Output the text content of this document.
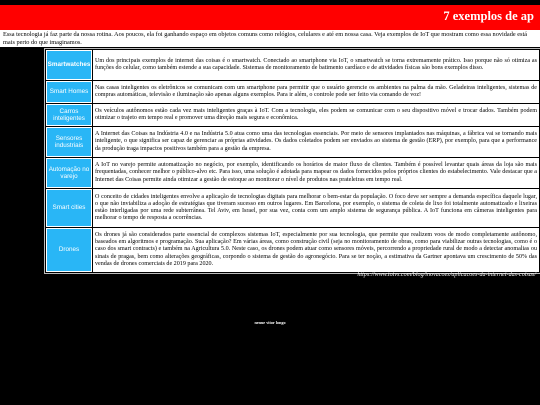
7 exemplos de ap
Essa tecnologia já faz parte da nossa rotina. Aos poucos, ela foi ganhando espaço em objetos comuns como relógios, celulares e até em nossa casa. Veja exemplos de IoT que mostram como essa novidade está mais perto do que imaginamos.
Smartwatches	Um dos principais exemplos de internet das coisas é o smartwatch. Conectado ao smartphone via IoT, o smartwatch se torna extremamente prático. Isso porque não só otimiza as funções do celular, como também estende a sua capacidade. Sistemas de monitoramento de batimento cardíaco e de atividades físicas são bons exemplos disso.
Smart Homes	Nas casas inteligentes os eletrônicos se comunicam com um smartphone para permitir que o usuário gerencie os ambientes na palma da mão. Geladeiras inteligentes, sistemas de compras automáticas, televisão e iluminação são apenas alguns exemplos. Para ir além, o controle pode ser feito via comando de voz!
Carros inteligentes	Os veículos autônomos estão cada vez mais inteligentes graças à IoT. Com a tecnologia, eles podem se comunicar com o seu dispositivo móvel e trocar dados. Também podem otimizar o trajeto em tempo real e promover uma direção mais segura e econômica.
Sensores industriais	A Internet das Coisas na Indústria 4.0 e na Indústria 5.0 atua como uma das tecnologias essenciais. Por meio de sensores implantados nas máquinas, a fábrica vai se tornando mais inteligente, o que significa ser capaz de gerenciar as próprias atividades. Os dados coletados podem ser enviados ao sistema de gestão (ERP), por exemplo, para que a performance da produção traga impactos positivos também para a gestão da empresa.
Automação no varejo	A IoT no varejo permite automatização no negócio, por exemplo, identificando os horários de maior fluxo de clientes. Também é possível levantar quais áreas da loja são mais frequentadas, conhecer melhor o público-alvo etc. Para isso, uma solução é adotada para mapear os dados fornecidos pelos próprios clientes do estabelecimento. Vale destacar que a Internet das Coisas permite ainda otimizar a gestão de estoque ao monitorar o nível de produtos nas prateleiras em tempo real.
Smart cities	O conceito de cidades inteligentes envolve a aplicação de tecnologias digitais para melhorar o bem-estar da população. O foco deve ser sempre a demanda específica daquele lugar, o que não inviabiliza a adoção de estratégias que tiveram sucesso em outros lugares. Em Barcelona, por exemplo, o sistema de coleta de lixo foi totalmente automatizado e lixeiras estão interligadas por uma rede subterrânea. Tel Aviv, em Israel, por sua vez, conta com um amplo sistema de segurança pública. A IoT funciona em câmeras inteligentes para melhorar o tempo de resposta a ocorrências.
Drones	Os drones já são considerados parte essencial de complexos sistemas IoT, especialmente por sua tecnologia, que permite que realizem voos de modo completamente autônomo, baseados em algoritmos e programação. Sua aplicação? Em várias áreas, como construção civil (seja no monitoramento de obras, como para viabilizar outras tecnologias, como é o caso dos smart contracts) e também na Agricultura 5.0. Neste caso, os drones podem atuar como sensores móveis, percorrendo a propriedade rural de modo a detectar anomalias ou sinais de pragas, bem como alterações geográficas, corpondo o sistema de gestão do agronegócio. Para se ter noção, a estimativa da Gartner apontava um crescimento de 50% das vendas de drones comerciais de 2019 para 2020.
https://www.totvs.com/blog/inovacoes/aplicacoes-da-internet-das-coisas/
nenue vitor longo
